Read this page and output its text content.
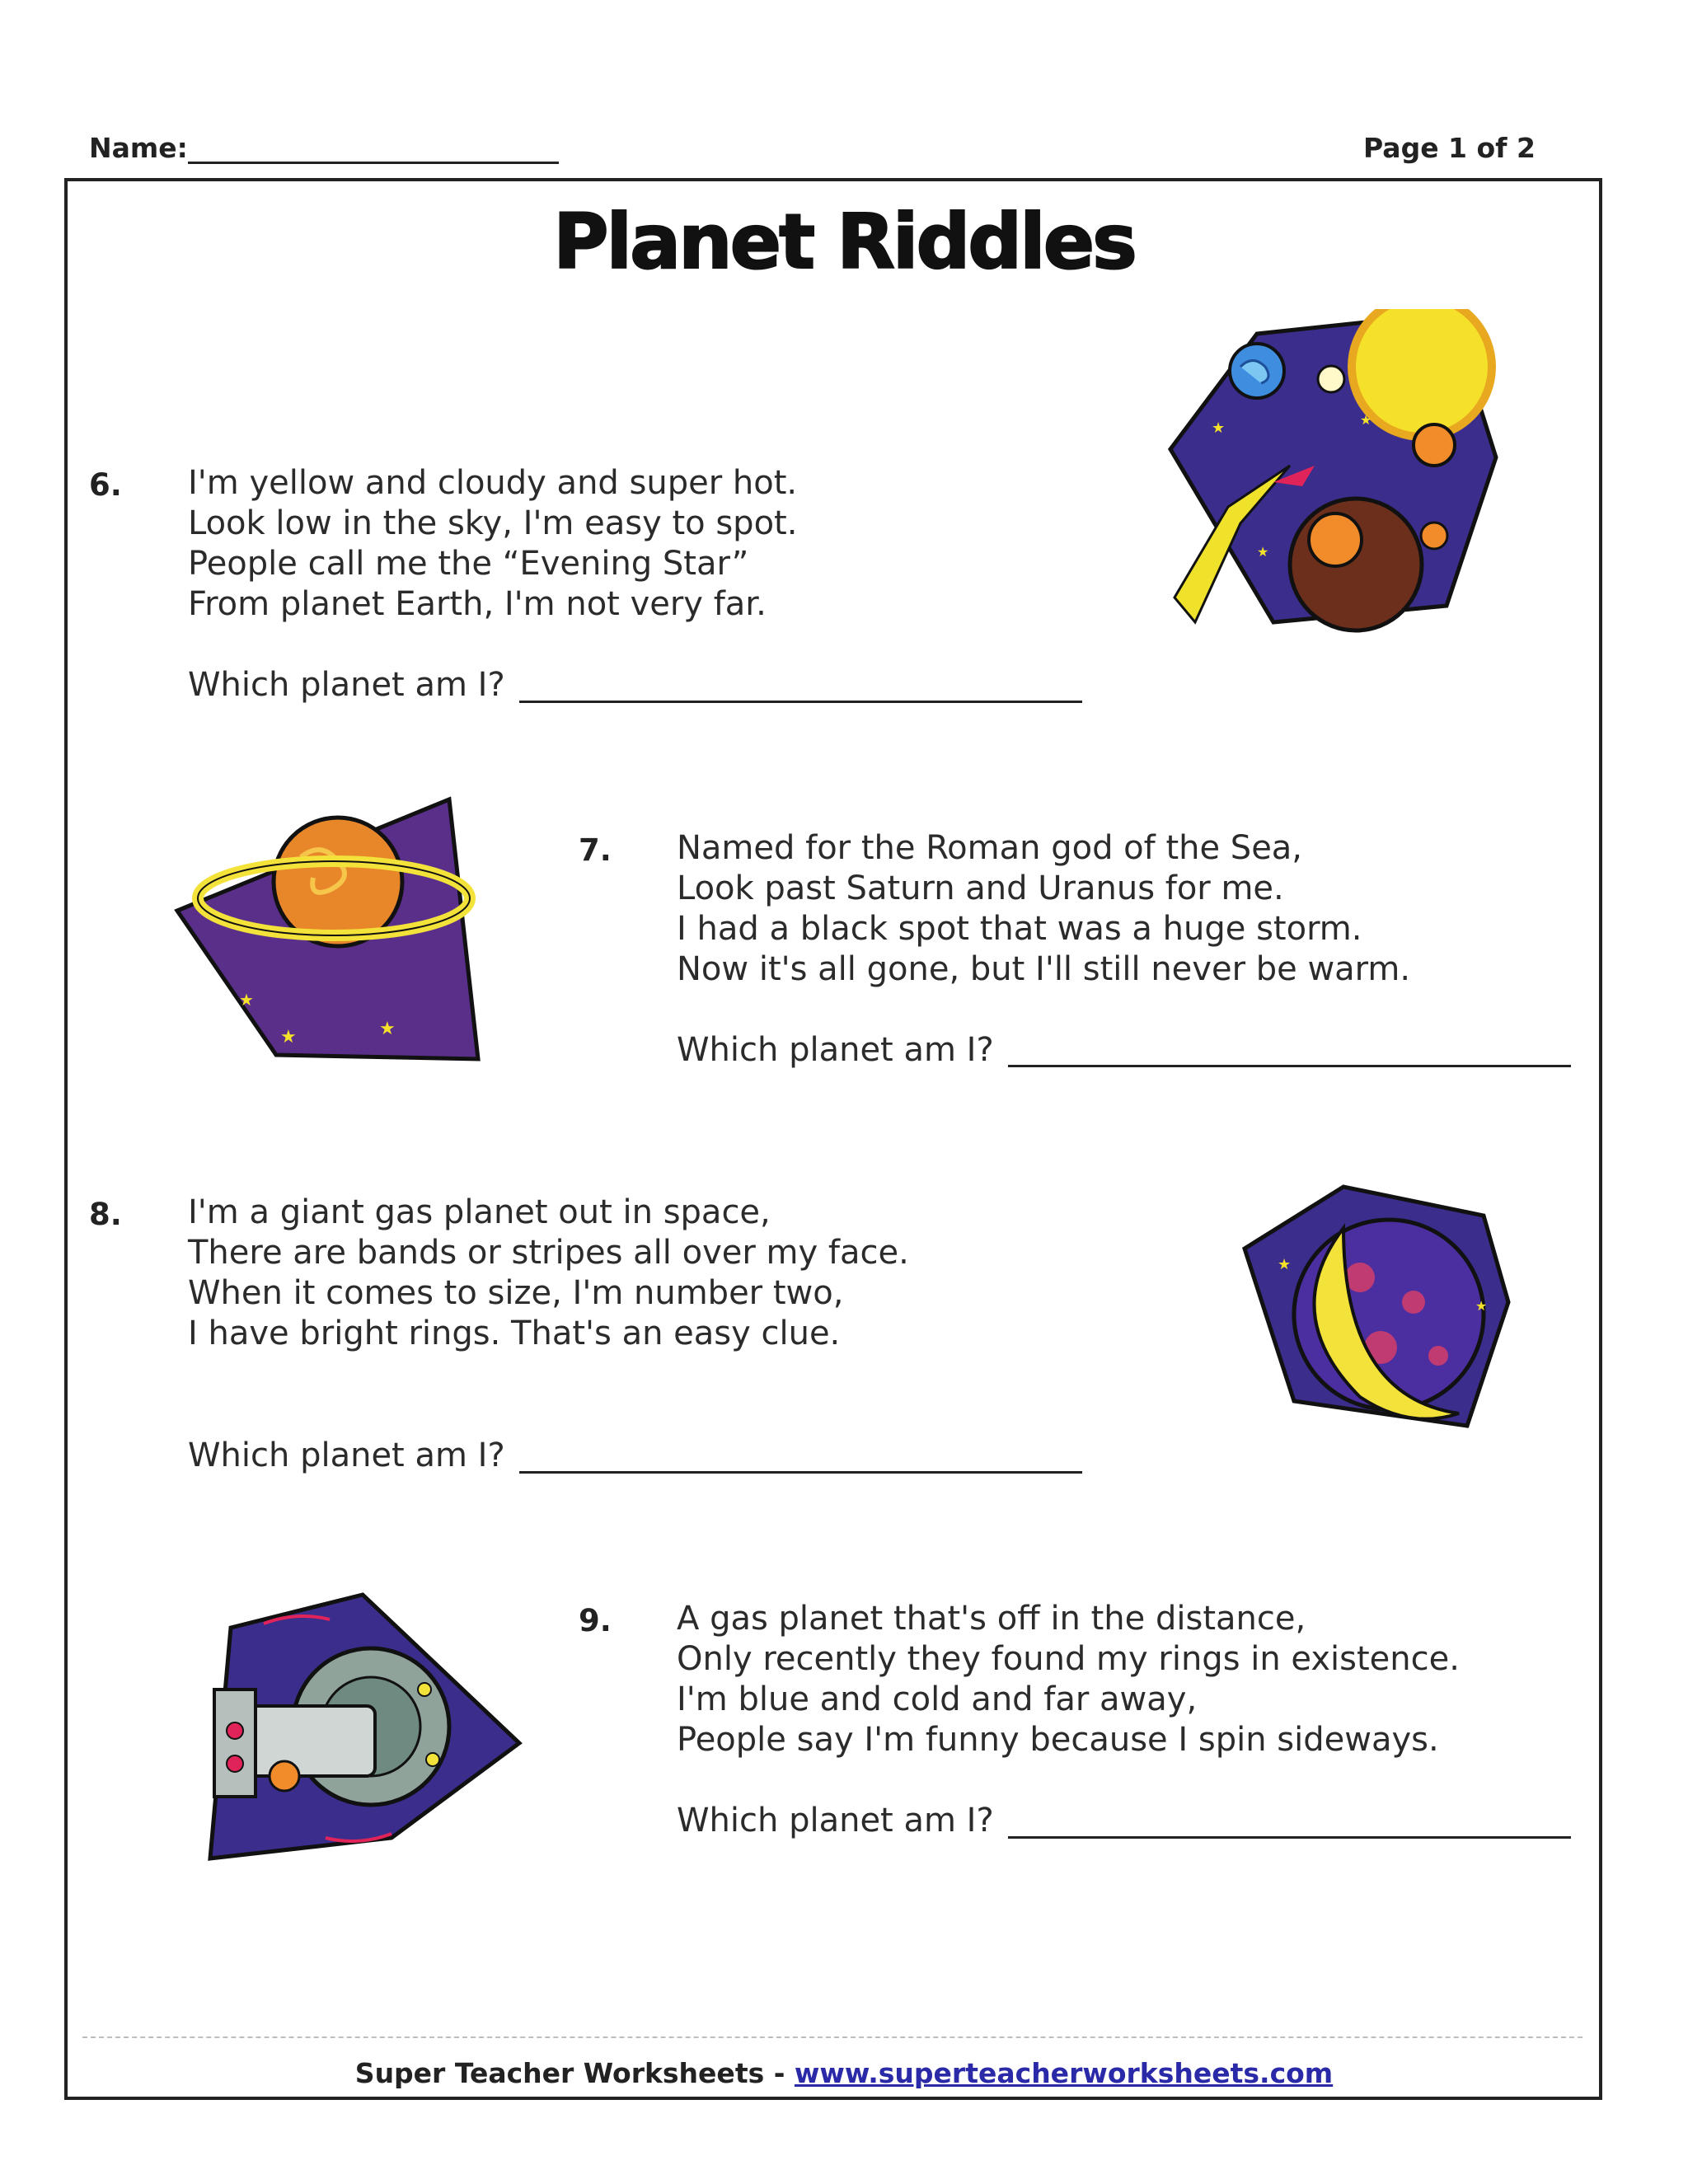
Name:	Page 1 of 2
Planet Riddles
6. I'm yellow and cloudy and super hot.
Look low in the sky, I'm easy to spot.
People call me the “Evening Star”
From planet Earth, I'm not very far.
Which planet am I?
7. Named for the Roman god of the Sea,
Look past Saturn and Uranus for me.
I had a black spot that was a huge storm.
Now it's all gone, but I'll still never be warm.
Which planet am I?
8. I'm a giant gas planet out in space,
There are bands or stripes all over my face.
When it comes to size, I'm number two,
I have bright rings. That's an easy clue.
Which planet am I?
9. A gas planet that's off in the distance,
Only recently they found my rings in existence.
I'm blue and cold and far away,
People say I'm funny because I spin sideways.
Which planet am I?
★	★
★
★
★	★
★
★
Super Teacher Worksheets - www.superteacherworksheets.com
